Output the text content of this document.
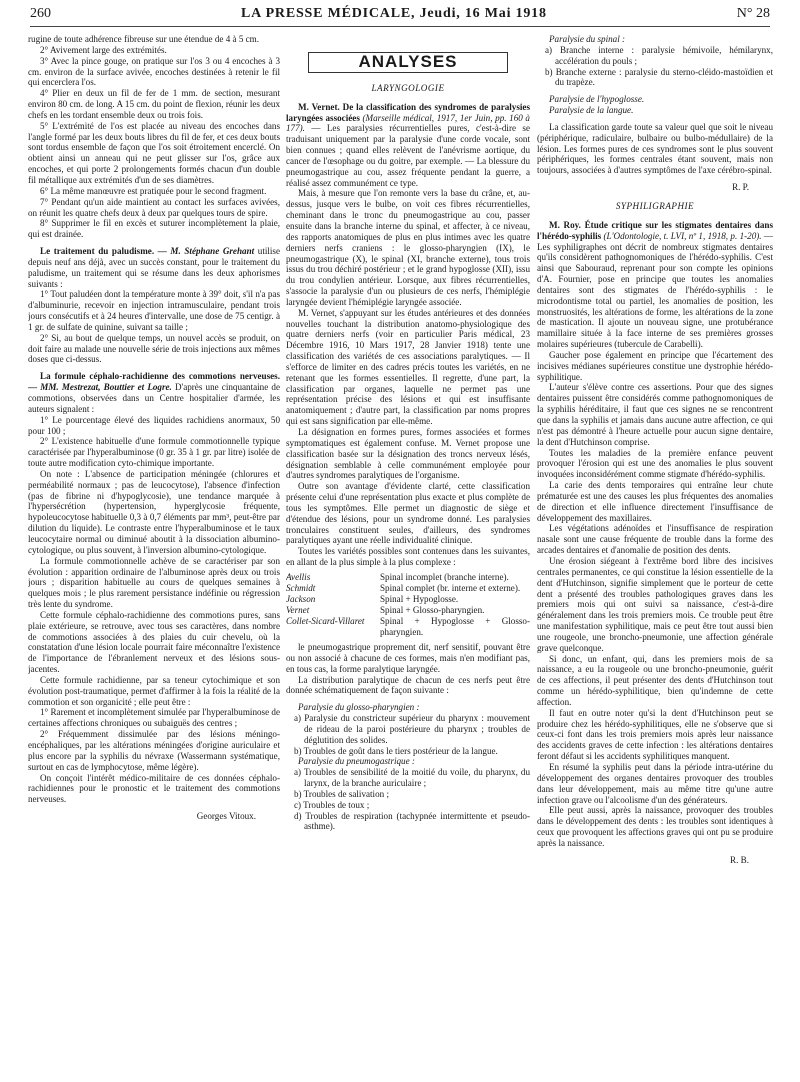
260	LA PRESSE MÉDICALE, Jeudi, 16 Mai 1918	N° 28

rugine de toute adhérence fibreuse sur une étendue de 4 à 5 cm.

2° Avivement large des extrémités.

3° Avec la pince gouge, on pratique sur l'os 3 ou 4 encoches à 3 cm. environ de la surface avivée, encoches destinées à retenir le fil qui encerclera l'os.

4° Plier en deux un fil de fer de 1 mm. de section, mesurant environ 80 cm. de long. A 15 cm. du point de flexion, réunir les deux chefs en les tordant ensemble deux ou trois fois.

5° L'extrémité de l'os est placée au niveau des encoches dans l'angle formé par les deux bouts libres du fil de fer, et ces deux bouts sont tordus ensemble de façon que l'os soit étroitement encerclé. On obtient ainsi un anneau qui ne peut glisser sur l'os, grâce aux encoches, et qui porte 2 prolongements formés chacun d'un double fil métallique aux extrémités d'un de ses diamètres.

6° La même manœuvre est pratiquée pour le second fragment.

7° Pendant qu'un aide maintient au contact les surfaces avivées, on réunit les quatre chefs deux à deux par quelques tours de spire.

8° Supprimer le fil en excès et suturer incomplètement la plaie, qui est drainée.

Le traitement du paludisme. — M. Stéphane Grehant utilise depuis neuf ans déjà, avec un succès constant, pour le traitement du paludisme, un traitement qui se résume dans les deux aphorismes suivants :

1° Tout paludéen dont la température monte à 39° doit, s'il n'a pas d'albuminurie, recevoir en injection intramusculaire, pendant trois jours consécutifs et à 24 heures d'intervalle, une dose de 75 centigr. à 1 gr. de sulfate de quinine, suivant sa taille ;

2° Si, au bout de quelque temps, un nouvel accès se produit, on doit faire au malade une nouvelle série de trois injections aux mêmes doses que ci-dessus.

La formule céphalo-rachidienne des commotions nerveuses. — MM. Mestrezat, Bouttier et Logre. D'après une cinquantaine de commotions, observées dans un Centre hospitalier d'armée, les auteurs signalent :

1° Le pourcentage élevé des liquides rachidiens anormaux, 50 pour 100 ;

2° L'existence habituelle d'une formule commotionnelle typique caractérisée par l'hyperalbuminose (0 gr. 35 à 1 gr. par litre) isolée de toute autre modification cyto-chimique importante.

On note : L'absence de participation méningée (chlorures et perméabilité normaux ; pas de leucocytose), l'absence d'infection (pas de fibrine ni d'hypoglycosie), une tendance marquée à l'hypersécrétion (hypertension, hyperglycosie fréquente, hypoleucocytose habituelle 0,3 à 0,7 éléments par mm³, peut-être par dilution du liquide). Le contraste entre l'hyperalbuminose et le taux leucocytaire normal ou diminué aboutit à la dissociation albumino-cytologique, ou plus souvent, à l'inversion albumino-cytologique.

La formule commotionnelle achève de se caractériser par son évolution : apparition ordinaire de l'albuminose après deux ou trois jours ; disparition habituelle au cours de quelques semaines à quelques mois ; le plus rarement persistance indéfinie ou régression très lente du syndrome.

Cette formule céphalo-rachidienne des commotions pures, sans plaie extérieure, se retrouve, avec tous ses caractères, dans nombre de commotions associées à des plaies du cuir chevelu, où la constatation d'une lésion locale pourrait faire méconnaître l'existence de l'importance de l'ébranlement nerveux et des lésions sous-jacentes.

Cette formule rachidienne, par sa teneur cytochimique et son évolution post-traumatique, permet d'affirmer à la fois la réalité de la commotion et son organicité ; elle peut être :

1° Rarement et incomplètement simulée par l'hyperalbuminose de certaines affections chroniques ou subaiguës des centres ;

2° Fréquemment dissimulée par des lésions méningo-encéphaliques, par les altérations méningées d'origine auriculaire et plus encore par la syphilis du névraxe (Wassermann systématique, surtout en cas de lymphocytose, même légère).

On conçoit l'intérêt médico-militaire de ces données céphalo-rachidiennes pour le pronostic et le traitement des commotions nerveuses.

Georges Vitoux.

ANALYSES
LARYNGOLOGIE

M. Vernet. De la classification des syndromes de paralysies laryngées associées (Marseille médical, 1917, 1er Juin, pp. 160 à 177). — Les paralysies récurrentielles pures, c'est-à-dire se traduisant uniquement par la paralysie d'une corde vocale, sont bien connues ; quand elles relèvent de l'anévrisme aortique, du cancer de l'œsophage ou du goitre, par exemple. — La blessure du pneumogastrique au cou, assez fréquente pendant la guerre, a réalisé assez communément ce type.

Mais, à mesure que l'on remonte vers la base du crâne, et, au-dessus, jusque vers le bulbe, on voit ces fibres récurrentielles, cheminant dans le tronc du pneumogastrique au cou, passer ensuite dans la branche interne du spinal, et affecter, à ce niveau, des rapports anatomiques de plus en plus intimes avec les quatre derniers nerfs craniens : le glosso-pharyngien (IX), le pneumogastrique (X), le spinal (XI, branche externe), tous trois issus du trou déchiré postérieur ; et le grand hypoglosse (XII), issu du trou condylien antérieur. Lorsque, aux fibres récurrentielles, s'associe la paralysie d'un ou plusieurs de ces nerfs, l'hémiplégie laryngée devient l'hémiplégie laryngée associée.

M. Vernet, s'appuyant sur les études antérieures et des données nouvelles touchant la distribution anatomo-physiologique des quatre derniers nerfs (voir en particulier Paris médical, 23 Décembre 1916, 10 Mars 1917, 28 Janvier 1918) tente une classification des variétés de ces associations paralytiques. — Il s'efforce de limiter en des cadres précis toutes les variétés, en ne retenant que les formes essentielles. Il regrette, d'une part, la classification par organes, laquelle ne permet pas une représentation précise des lésions et qui est insuffisante anatomiquement ; d'autre part, la classification par noms propres qui est sans signification par elle-même.

La désignation en formes pures, formes associées et formes symptomatiques est également confuse. M. Vernet propose une classification basée sur la désignation des troncs nerveux lésés, désignation semblable à celle communément employée pour d'autres syndromes paralytiques de l'organisme.

Outre son avantage d'évidente clarté, cette classification présente celui d'une représentation plus exacte et plus complète de tous les symptômes. Elle permet un diagnostic de siège et d'étendue des lésions, pour un syndrome donné. Les paralysies tronculaires constituent seules, d'ailleurs, des syndromes paralytiques ayant une réelle individualité clinique.

Toutes les variétés possibles sont contenues dans les suivantes, en allant de la plus simple à la plus complexe :

Avellis	Spinal incomplet (branche interne).
Schmidt	Spinal complet (br. interne et externe).
Jackson	Spinal + Hypoglosse.
Vernet	Spinal + Glosso-pharyngien.
Collet-Sicard-Villaret	Spinal + Hypoglosse + Glosso-pharyngien.

le pneumogastrique proprement dit, nerf sensitif, pouvant être ou non associé à chacune de ces formes, mais n'en modifiant pas, en tous cas, la forme paralytique laryngée.

La distribution paralytique de chacun de ces nerfs peut être donnée schématiquement de façon suivante :

Paralysie du glosso-pharyngien :

a) Paralysie du constricteur supérieur du pharynx : mouvement de rideau de la paroi postérieure du pharynx ; troubles de déglutition des solides.

b) Troubles de goût dans le tiers postérieur de la langue.

Paralysie du pneumogastrique :

a) Troubles de sensibilité de la moitié du voile, du pharynx, du larynx, de la branche auriculaire ;

b) Troubles de salivation ;

c) Troubles de toux ;

d) Troubles de respiration (tachypnée intermittente et pseudo-asthme).

Paralysie du spinal :

a) Branche interne : paralysie hémivoile, hémilarynx, accélération du pouls ;

b) Branche externe : paralysie du sterno-cléido-mastoïdien et du trapèze.

Paralysie de l'hypoglosse.

Paralysie de la langue.

La classification garde toute sa valeur quel que soit le niveau (périphérique, radiculaire, bulbaire ou bulbo-médullaire) de la lésion. Les formes pures de ces syndromes sont le plus souvent périphériques, les formes centrales étant souvent, mais non toujours, associées à d'autres symptômes de l'axe cérébro-spinal.

R. P.

SYPHILIGRAPHIE

M. Roy. Étude critique sur les stigmates dentaires dans l'hérédo-syphilis (L'Odontologie, t. LVI, nº 1, 1918, p. 1-20). — Les syphiligraphes ont décrit de nombreux stigmates dentaires qu'ils considèrent pathognomoniques de l'hérédo-syphilis. C'est ainsi que Sabouraud, reprenant pour son compte les opinions d'A. Fournier, pose en principe que toutes les anomalies dentaires sont des stigmates de l'hérédo-syphilis : le microdontisme total ou partiel, les anomalies de position, les monstruosités, les altérations de forme, les altérations de la zone de mastication. Il ajoute un nouveau signe, une protubérance mamillaire située à la face interne de ses premières grosses molaires supérieures (tubercule de Carabelli).

Gaucher pose également en principe que l'écartement des incisives médianes supérieures constitue une dystrophie hérédo-syphilitique.

L'auteur s'élève contre ces assertions. Pour que des signes dentaires puissent être considérés comme pathognomoniques de la syphilis héréditaire, il faut que ces signes ne se rencontrent que dans la syphilis et jamais dans aucune autre affection, ce qui n'est pas démontré à l'heure actuelle pour aucun signe dentaire, la dent d'Hutchinson comprise.

Toutes les maladies de la première enfance peuvent provoquer l'érosion qui est une des anomalies le plus souvent invoquées inconsidérément comme stigmate d'hérédo-syphilis.

La carie des dents temporaires qui entraîne leur chute prématurée est une des causes les plus fréquentes des anomalies de direction et elle influence directement l'insuffisance de développement des maxillaires.

Les végétations adénoïdes et l'insuffisance de respiration nasale sont une cause fréquente de trouble dans la forme des arcades dentaires et d'anomalie de position des dents.

Une érosion siégeant à l'extrême bord libre des incisives centrales permanentes, ce qui constitue la lésion essentielle de la dent d'Hutchinson, signifie simplement que le porteur de cette dent a présenté des troubles pathologiques graves dans les premiers mois qui ont suivi sa naissance, c'est-à-dire généralement dans les trois premiers mois. Ce trouble peut être une manifestation syphilitique, mais ce peut être tout aussi bien une rougeole, une broncho-pneumonie, une affection générale grave quelconque.

Si donc, un enfant, qui, dans les premiers mois de sa naissance, a eu la rougeole ou une broncho-pneumonie, guérit de ces affections, il peut présenter des dents d'Hutchinson tout comme un hérédo-syphilitique, bien qu'indemne de cette affection.

Il faut en outre noter qu'si la dent d'Hutchinson peut se produire chez les hérédo-syphilitiques, elle ne s'observe que si ceux-ci font dans les trois premiers mois après leur naissance des accidents graves de cette infection : les altérations dentaires feront défaut si les accidents syphilitiques manquent.

En résumé la syphilis peut dans la période intra-utérine du développement des organes dentaires provoquer des troubles dans leur développement, mais au même titre qu'une autre infection grave ou l'alcoolisme d'un des générateurs.

Elle peut aussi, après la naissance, provoquer des troubles dans le développement des dents : les troubles sont identiques à ceux que provoquent les affections graves qui ont pu se produire après la naissance.

R. B.
